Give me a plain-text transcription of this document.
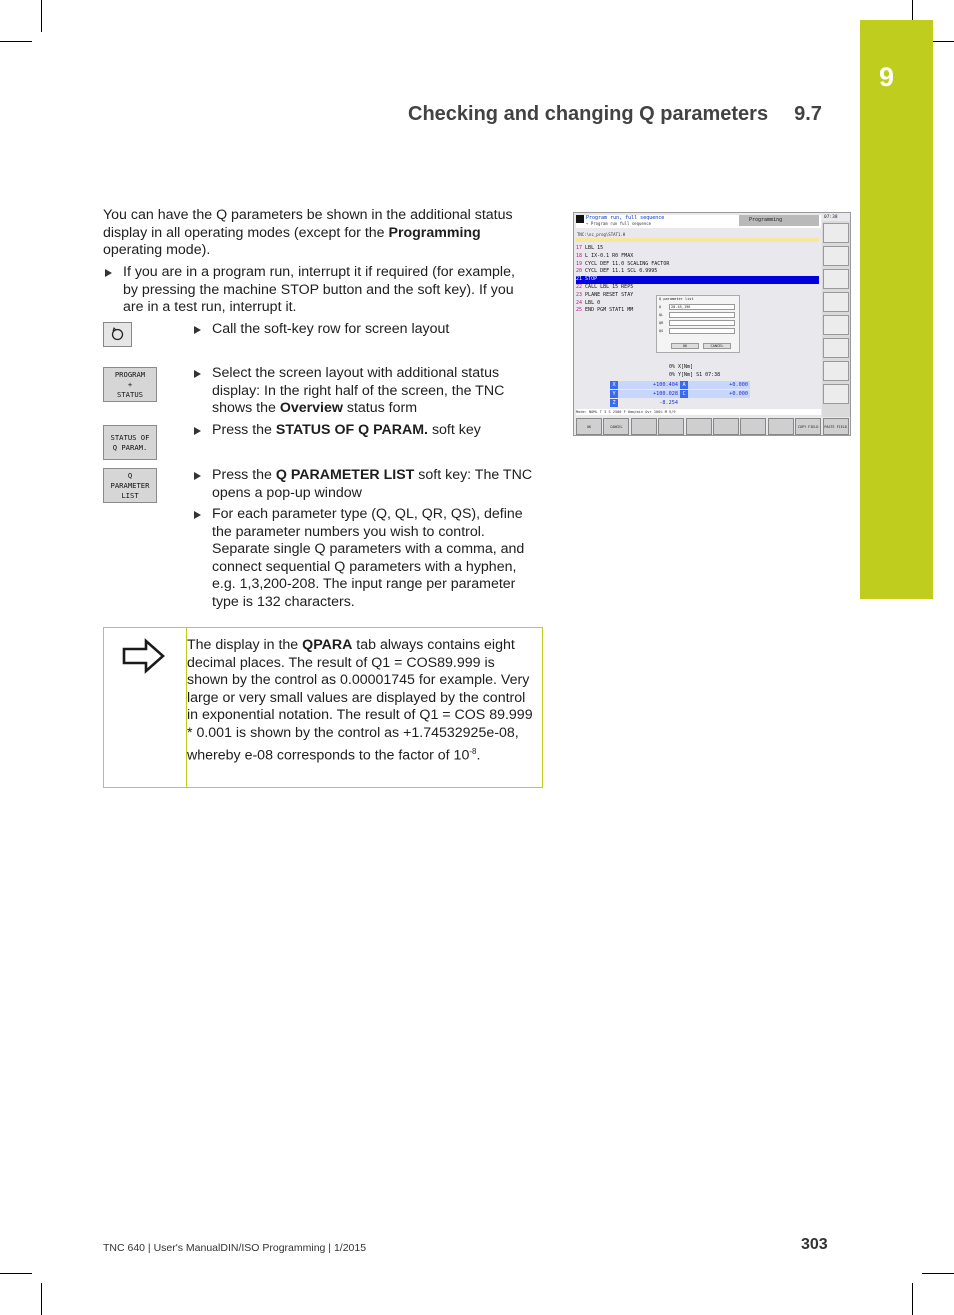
9
Checking and changing Q parameters 9.7
You can have the Q parameters be shown in the additional status display in all operating modes (except for the Programming operating mode).
If you are in a program run, interrupt it if required (for example, by pressing the machine STOP button and the soft key). If you are in a test run, interrupt it.
Call the soft-key row for screen layout
PROGRAM
+
STATUS
Select the screen layout with additional status
display: In the right half of the screen, the TNC
shows the Overview status form
STATUS OF
Q PARAM.
Press the STATUS OF Q PARAM. soft key
Q
PARAMETER
LIST
Press the Q PARAMETER LIST soft key: The TNC
opens a pop-up window
For each parameter type (Q, QL, QR, QS), define the parameter numbers you wish to control. Separate single Q parameters with a comma, and connect sequential Q parameters with a hyphen, e.g. 1,3,200-208. The input range per parameter type is 132 characters.
The display in the QPARA tab always contains eight decimal places. The result of Q1 = COS89.999 is shown by the control as 0.00001745 for example. Very large or very small values are displayed by the control in exponential notation. The result of Q1 = COS 89.999 * 0.001 is shown by the control as +1.74532925e-08, whereby e-08 corresponds to the factor of $10^{-8}$.
Program run, full sequence
→ Program run full sequence
Programming	07:38
TNC:\nc_prog\STAT1.H
17 LBL 15
18 L IX-0.1 R0 FMAX
19 CYCL DEF 11.0 SCALING FACTOR
20 CYCL DEF 11.1 SCL 0.9995
21 STOP
22 CALL LBL 15 REP5
23 PLANE RESET STAY
24 LBL 0
25 END PGM STAT1 MM
Q parameter list
Q	20-45,196
QL
QR
QS
OK	CANCEL
0% X[Nm]
0% Y[Nm] S1 07:38
X	+100.404 A	+0.000
Y	+100.028 C	+0.000
Z	-8.254
Mode: NOML T 3 S 2500 F 0mm/min Ovr 100% M 5/9
OK	CANCEL	COPY FIELD	PASTE FIELD
TNC 640 | User's ManualDIN/ISO Programming | 1/2015	303
